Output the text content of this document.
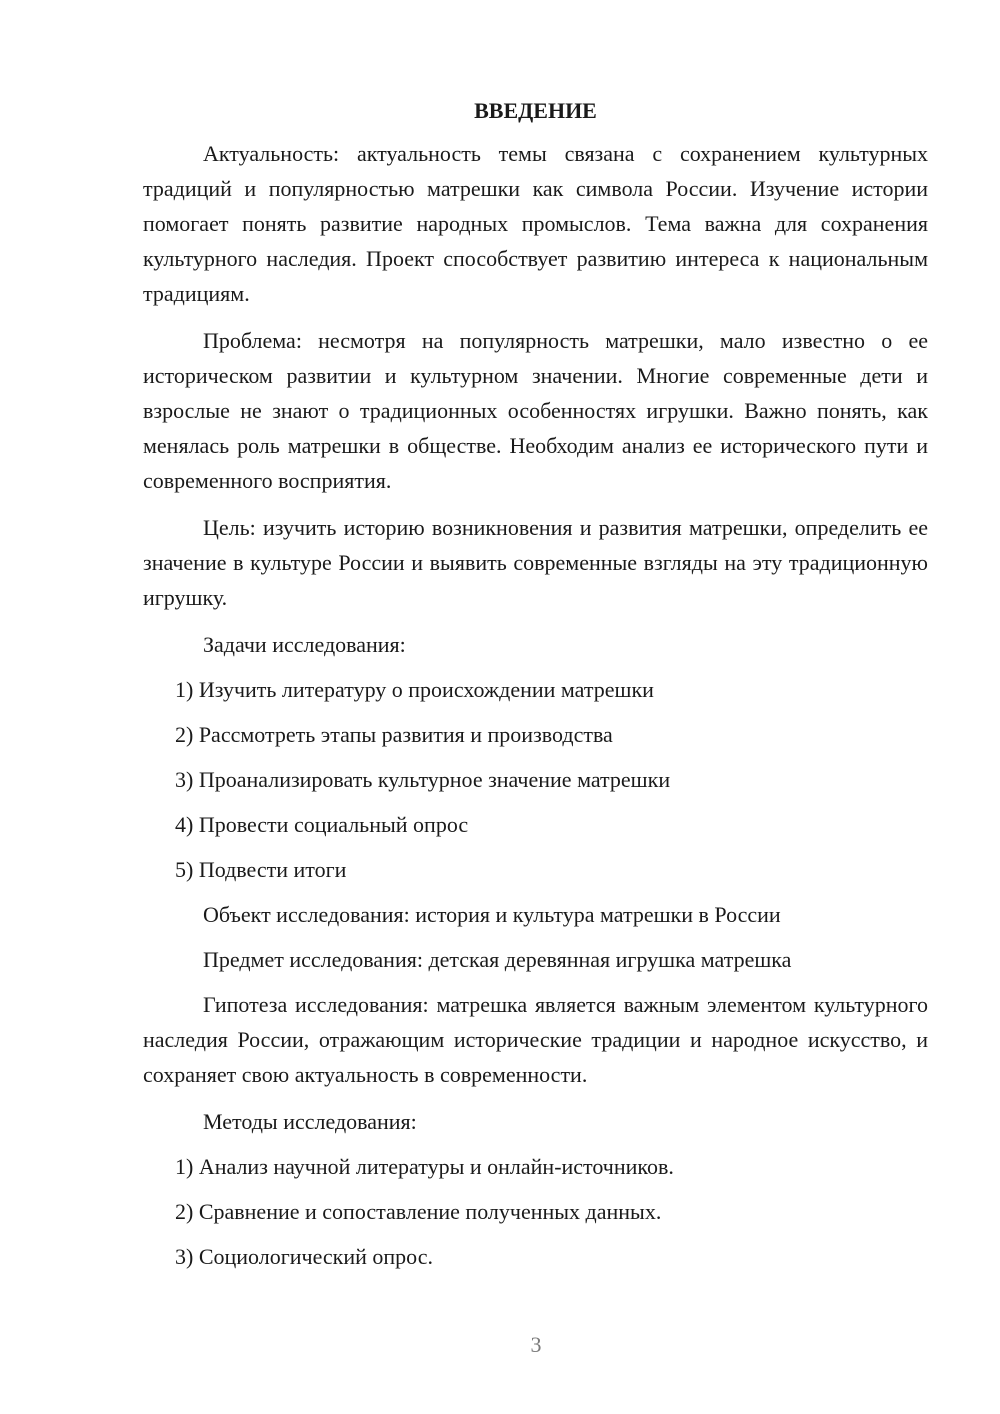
ВВЕДЕНИЕ

Актуальность: актуальность темы связана с сохранением культурных традиций и популярностью матрешки как символа России. Изучение истории помогает понять развитие народных промыслов. Тема важна для сохранения культурного наследия. Проект способствует развитию интереса к национальным традициям.

Проблема: несмотря на популярность матрешки, мало известно о ее историческом развитии и культурном значении. Многие современные дети и взрослые не знают о традиционных особенностях игрушки. Важно понять, как менялась роль матрешки в обществе. Необходим анализ ее исторического пути и современного восприятия.

Цель: изучить историю возникновения и развития матрешки, определить ее значение в культуре России и выявить современные взгляды на эту традиционную игрушку.

Задачи исследования:

1) Изучить литературу о происхождении матрешки

2) Рассмотреть этапы развития и производства

3) Проанализировать культурное значение матрешки

4) Провести социальный опрос

5) Подвести итоги

Объект исследования: история и культура матрешки в России

Предмет исследования: детская деревянная игрушка матрешка

Гипотеза исследования: матрешка является важным элементом культурного наследия России, отражающим исторические традиции и народное искусство, и сохраняет свою актуальность в современности.

Методы исследования:

1) Анализ научной литературы и онлайн-источников.

2) Сравнение и сопоставление полученных данных.

3) Социологический опрос.

3
